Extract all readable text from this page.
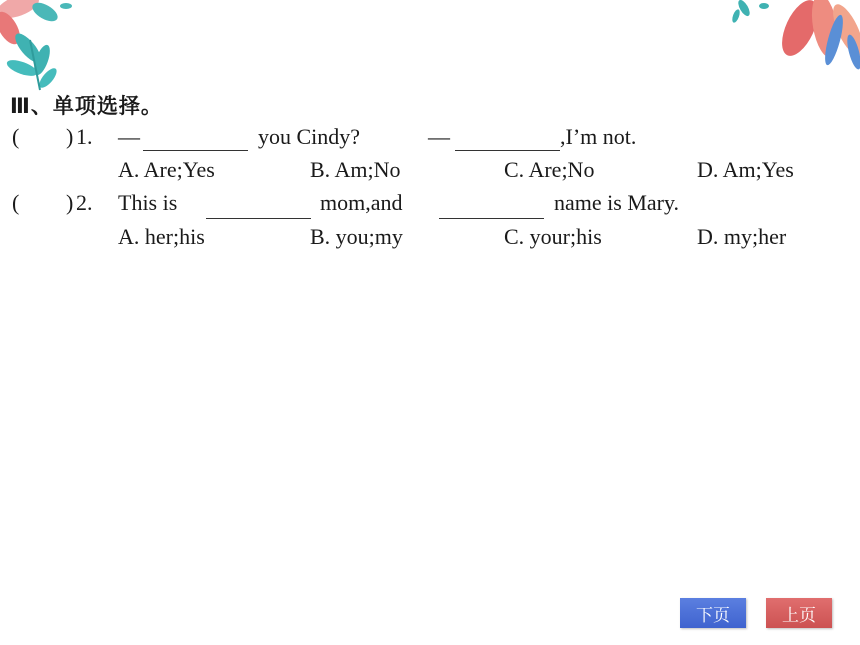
Ⅲ、单项选择。
( ) 1. —	you Cindy?	—	,I’m not.
A. Are;Yes	B. Am;No	C. Are;No	D. Am;Yes
( ) 2. This is	mom,and	name is Mary.
A. her;his	B. you;my	C. your;his	D. my;her
下页	上页
